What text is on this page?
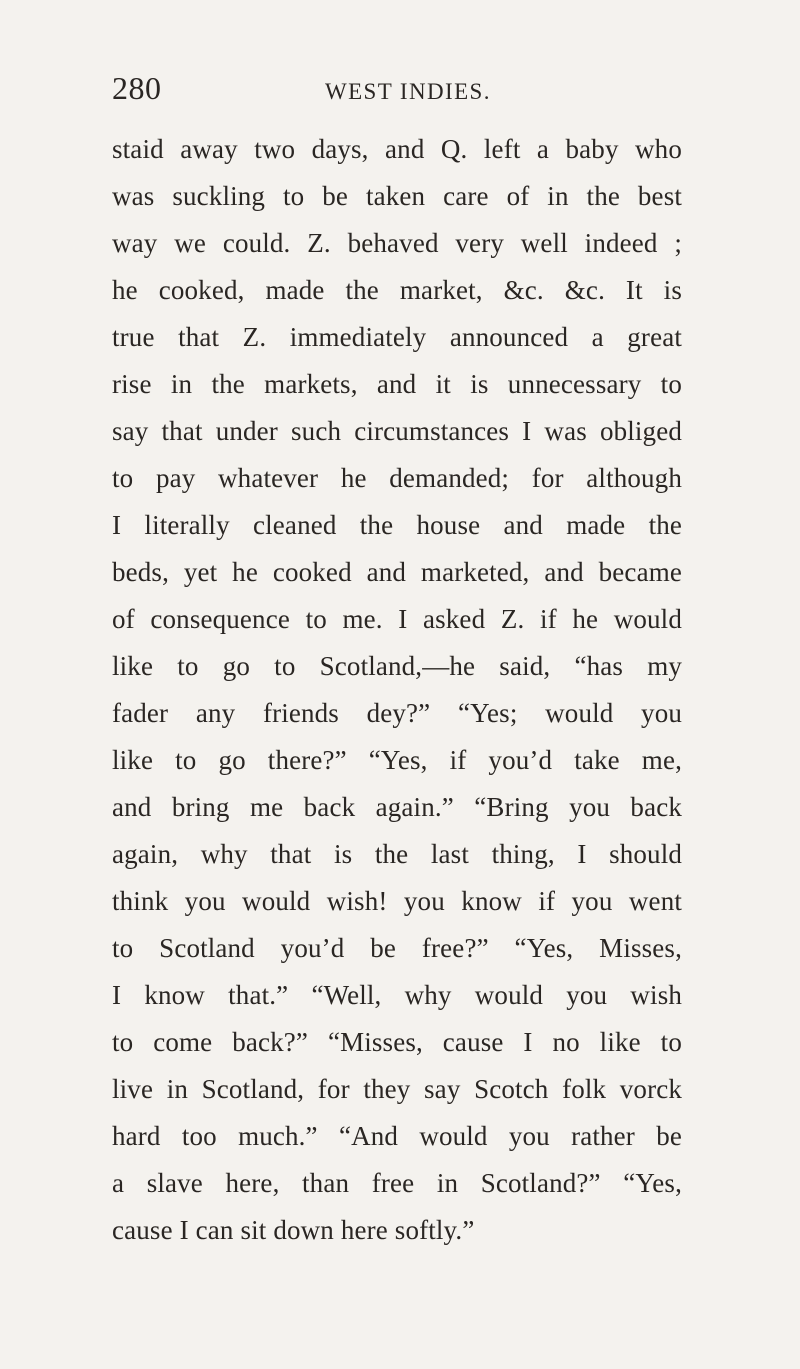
280	WEST INDIES.
staid away two days, and Q. left a baby who
was suckling to be taken care of in the best
way we could. Z. behaved very well indeed ;
he cooked, made the market, &c. &c. It is
true that Z. immediately announced a great
rise in the markets, and it is unnecessary to
say that under such circumstances I was obliged
to pay whatever he demanded; for although
I literally cleaned the house and made the
beds, yet he cooked and marketed, and became
of consequence to me. I asked Z. if he would
like to go to Scotland,—he said, “has my
fader any friends dey?” “Yes; would you
like to go there?” “Yes, if you’d take me,
and bring me back again.” “Bring you back
again, why that is the last thing, I should
think you would wish! you know if you went
to Scotland you’d be free?” “Yes, Misses,
I know that.” “Well, why would you wish
to come back?” “Misses, cause I no like to
live in Scotland, for they say Scotch folk vorck
hard too much.” “And would you rather be
a slave here, than free in Scotland?” “Yes,
cause I can sit down here softly.”
